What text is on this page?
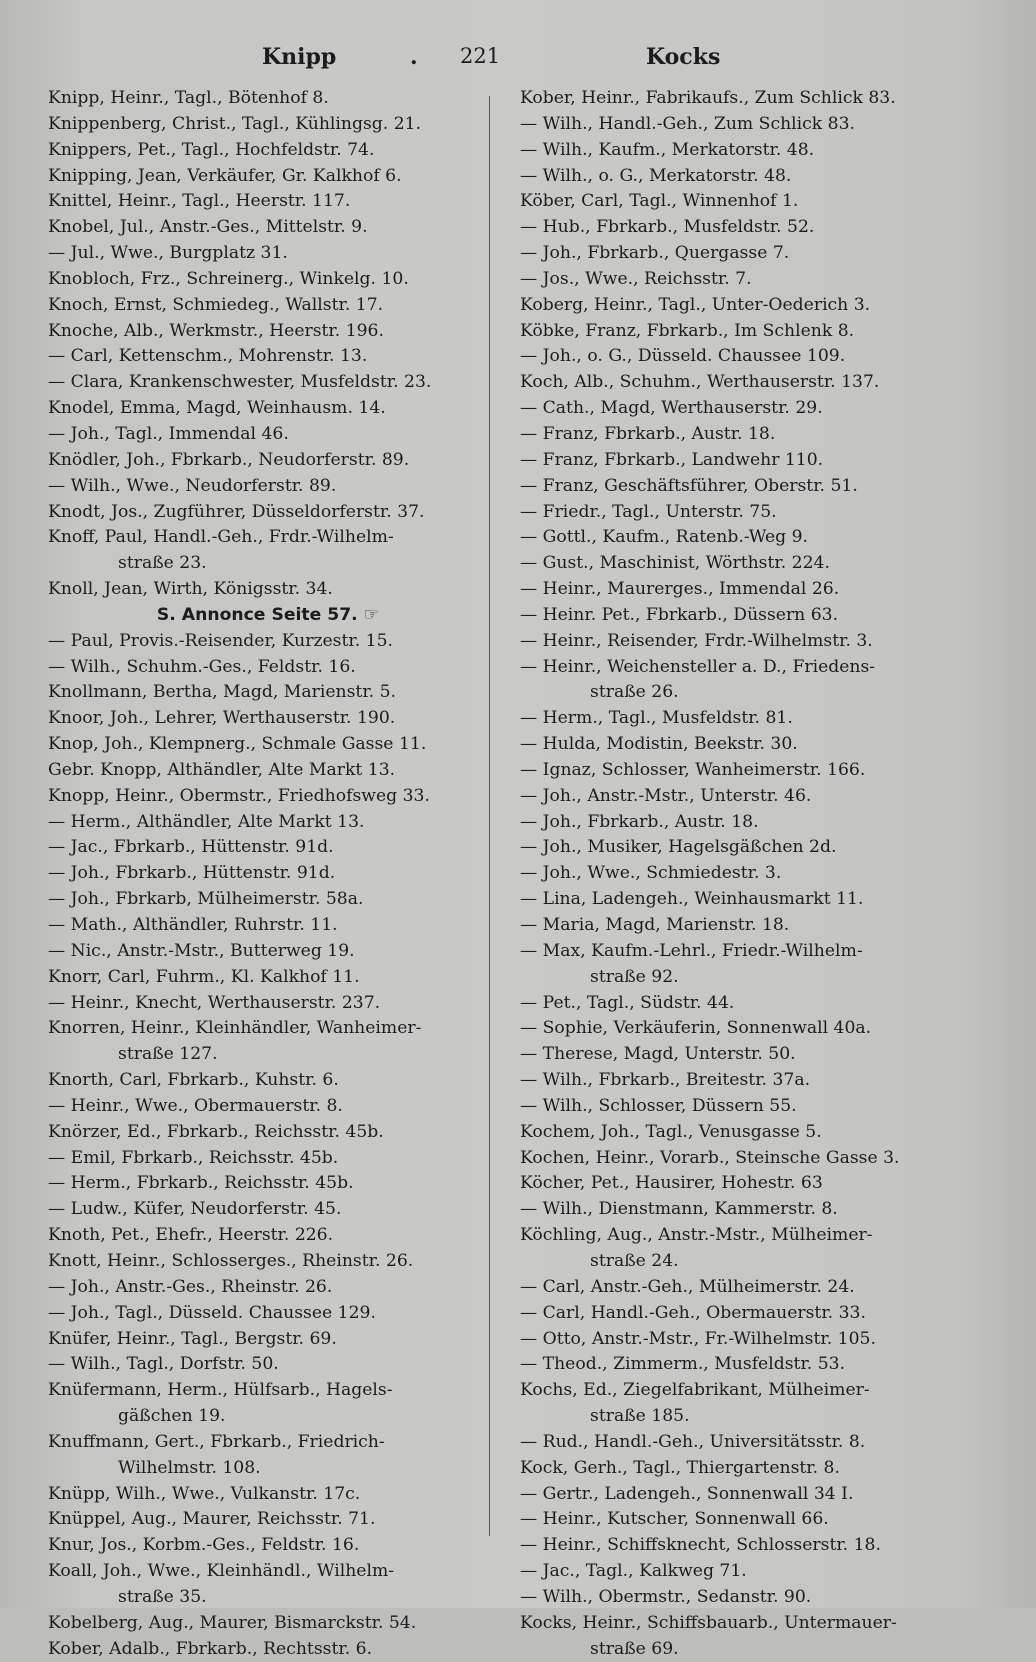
Knipp	. 221	Kocks
Knipp, Heinr., Tagl., Bötenhof 8.
Knippenberg, Christ., Tagl., Kühlingsg. 21.
Knippers, Pet., Tagl., Hochfeldstr. 74.
Knipping, Jean, Verkäufer, Gr. Kalkhof 6.
Knittel, Heinr., Tagl., Heerstr. 117.
Knobel, Jul., Anstr.-Ges., Mittelstr. 9.
— Jul., Wwe., Burgplatz 31.
Knobloch, Frz., Schreinerg., Winkelg. 10.
Knoch, Ernst, Schmiedeg., Wallstr. 17.
Knoche, Alb., Werkmstr., Heerstr. 196.
— Carl, Kettenschm., Mohrenstr. 13.
— Clara, Krankenschwester, Musfeldstr. 23.
Knodel, Emma, Magd, Weinhausm. 14.
— Joh., Tagl., Immendal 46.
Knödler, Joh., Fbrkarb., Neudorferstr. 89.
— Wilh., Wwe., Neudorferstr. 89.
Knodt, Jos., Zugführer, Düsseldorferstr. 37.
Knoff, Paul, Handl.-Geh., Frdr.-Wilhelm-
straße 23.
Knoll, Jean, Wirth, Königsstr. 34.
S. Annonce Seite 57. ☞
— Paul, Provis.-Reisender, Kurzestr. 15.
— Wilh., Schuhm.-Ges., Feldstr. 16.
Knollmann, Bertha, Magd, Marienstr. 5.
Knoor, Joh., Lehrer, Werthauserstr. 190.
Knop, Joh., Klempnerg., Schmale Gasse 11.
Gebr. Knopp, Althändler, Alte Markt 13.
Knopp, Heinr., Obermstr., Friedhofsweg 33.
— Herm., Althändler, Alte Markt 13.
— Jac., Fbrkarb., Hüttenstr. 91d.
— Joh., Fbrkarb., Hüttenstr. 91d.
— Joh., Fbrkarb, Mülheimerstr. 58a.
— Math., Althändler, Ruhrstr. 11.
— Nic., Anstr.-Mstr., Butterweg 19.
Knorr, Carl, Fuhrm., Kl. Kalkhof 11.
— Heinr., Knecht, Werthauserstr. 237.
Knorren, Heinr., Kleinhändler, Wanheimer-
straße 127.
Knorth, Carl, Fbrkarb., Kuhstr. 6.
— Heinr., Wwe., Obermauerstr. 8.
Knörzer, Ed., Fbrkarb., Reichsstr. 45b.
— Emil, Fbrkarb., Reichsstr. 45b.
— Herm., Fbrkarb., Reichsstr. 45b.
— Ludw., Küfer, Neudorferstr. 45.
Knoth, Pet., Ehefr., Heerstr. 226.
Knott, Heinr., Schlosserges., Rheinstr. 26.
— Joh., Anstr.-Ges., Rheinstr. 26.
— Joh., Tagl., Düsseld. Chaussee 129.
Knüfer, Heinr., Tagl., Bergstr. 69.
— Wilh., Tagl., Dorfstr. 50.
Knüfermann, Herm., Hülfsarb., Hagels-
gäßchen 19.
Knuffmann, Gert., Fbrkarb., Friedrich-
Wilhelmstr. 108.
Knüpp, Wilh., Wwe., Vulkanstr. 17c.
Knüppel, Aug., Maurer, Reichsstr. 71.
Knur, Jos., Korbm.-Ges., Feldstr. 16.
Koall, Joh., Wwe., Kleinhändl., Wilhelm-
straße 35.
Kobelberg, Aug., Maurer, Bismarckstr. 54.
Kober, Adalb., Fbrkarb., Rechtsstr. 6.
Kober, Heinr., Fabrikaufs., Zum Schlick 83.
— Wilh., Handl.-Geh., Zum Schlick 83.
— Wilh., Kaufm., Merkatorstr. 48.
— Wilh., o. G., Merkatorstr. 48.
Köber, Carl, Tagl., Winnenhof 1.
— Hub., Fbrkarb., Musfeldstr. 52.
— Joh., Fbrkarb., Quergasse 7.
— Jos., Wwe., Reichsstr. 7.
Koberg, Heinr., Tagl., Unter-Oederich 3.
Köbke, Franz, Fbrkarb., Im Schlenk 8.
— Joh., o. G., Düsseld. Chaussee 109.
Koch, Alb., Schuhm., Werthauserstr. 137.
— Cath., Magd, Werthauserstr. 29.
— Franz, Fbrkarb., Austr. 18.
— Franz, Fbrkarb., Landwehr 110.
— Franz, Geschäftsführer, Oberstr. 51.
— Friedr., Tagl., Unterstr. 75.
— Gottl., Kaufm., Ratenb.-Weg 9.
— Gust., Maschinist, Wörthstr. 224.
— Heinr., Maurerges., Immendal 26.
— Heinr. Pet., Fbrkarb., Düssern 63.
— Heinr., Reisender, Frdr.-Wilhelmstr. 3.
— Heinr., Weichensteller a. D., Friedens-
straße 26.
— Herm., Tagl., Musfeldstr. 81.
— Hulda, Modistin, Beekstr. 30.
— Ignaz, Schlosser, Wanheimerstr. 166.
— Joh., Anstr.-Mstr., Unterstr. 46.
— Joh., Fbrkarb., Austr. 18.
— Joh., Musiker, Hagelsgäßchen 2d.
— Joh., Wwe., Schmiedestr. 3.
— Lina, Ladengeh., Weinhausmarkt 11.
— Maria, Magd, Marienstr. 18.
— Max, Kaufm.-Lehrl., Friedr.-Wilhelm-
straße 92.
— Pet., Tagl., Südstr. 44.
— Sophie, Verkäuferin, Sonnenwall 40a.
— Therese, Magd, Unterstr. 50.
— Wilh., Fbrkarb., Breitestr. 37a.
— Wilh., Schlosser, Düssern 55.
Kochem, Joh., Tagl., Venusgasse 5.
Kochen, Heinr., Vorarb., Steinsche Gasse 3.
Köcher, Pet., Hausirer, Hohestr. 63
— Wilh., Dienstmann, Kammerstr. 8.
Köchling, Aug., Anstr.-Mstr., Mülheimer-
straße 24.
— Carl, Anstr.-Geh., Mülheimerstr. 24.
— Carl, Handl.-Geh., Obermauerstr. 33.
— Otto, Anstr.-Mstr., Fr.-Wilhelmstr. 105.
— Theod., Zimmerm., Musfeldstr. 53.
Kochs, Ed., Ziegelfabrikant, Mülheimer-
straße 185.
— Rud., Handl.-Geh., Universitätsstr. 8.
Kock, Gerh., Tagl., Thiergartenstr. 8.
— Gertr., Ladengeh., Sonnenwall 34 I.
— Heinr., Kutscher, Sonnenwall 66.
— Heinr., Schiffsknecht, Schlosserstr. 18.
— Jac., Tagl., Kalkweg 71.
— Wilh., Obermstr., Sedanstr. 90.
Kocks, Heinr., Schiffsbauarb., Untermauer-
straße 69.
